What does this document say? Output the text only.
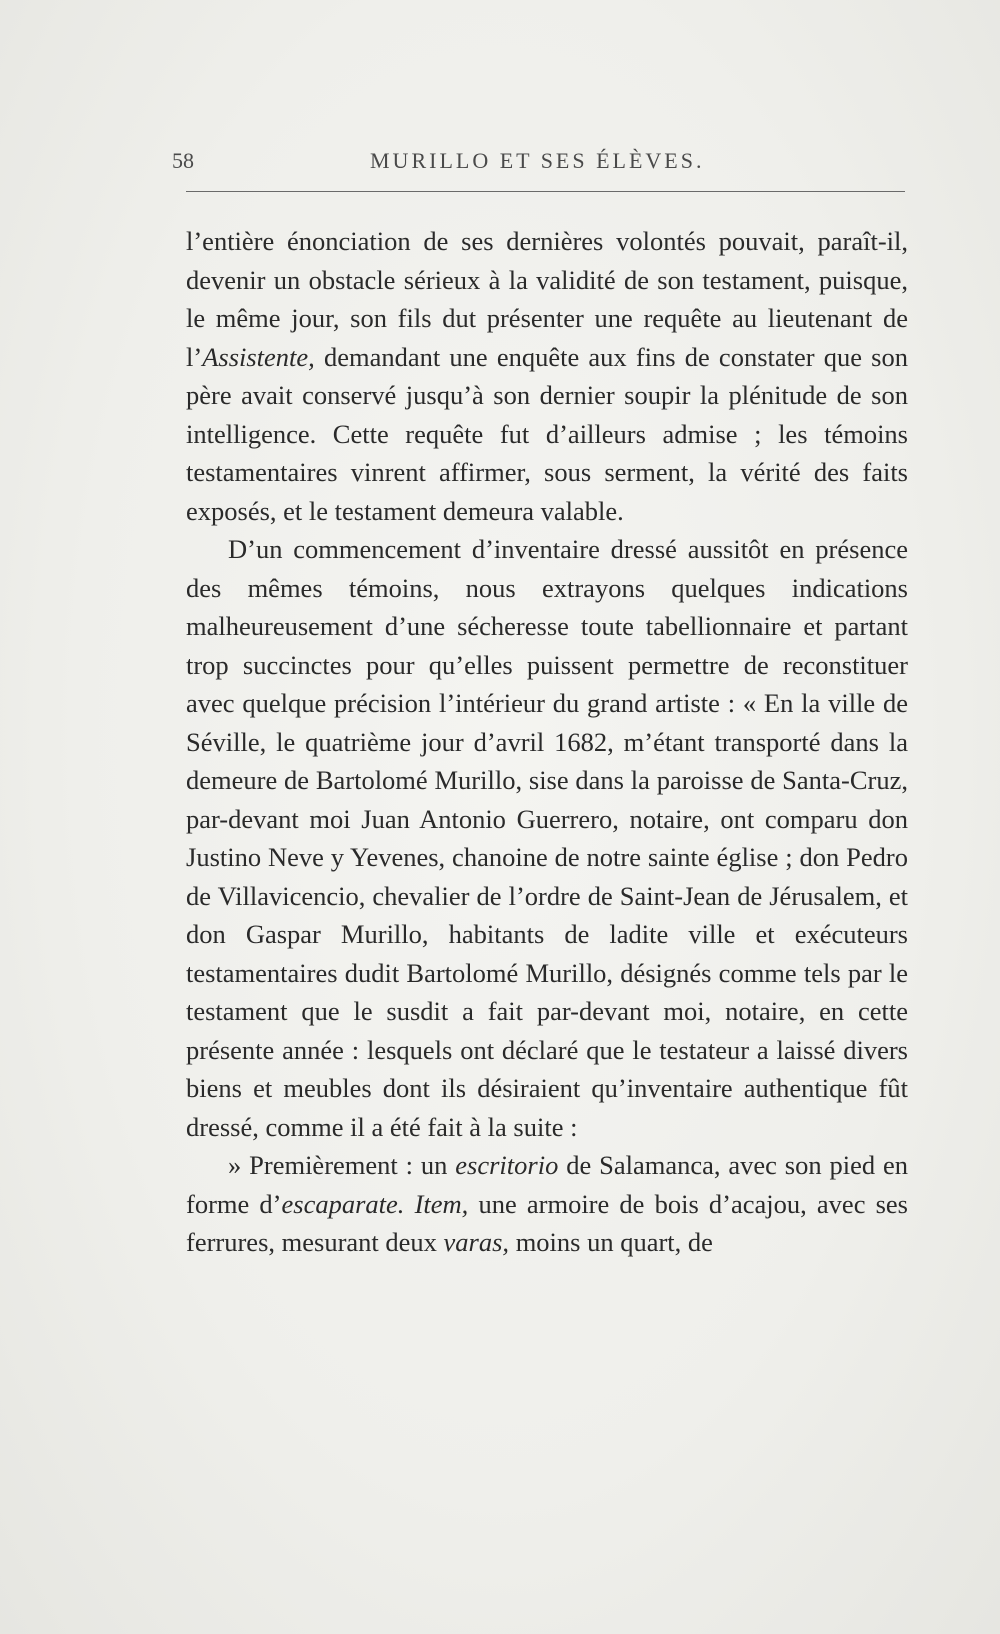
58	MURILLO ET SES ÉLÈVES.

l’entière énonciation de ses dernières volontés pouvait, paraît-il, devenir un obstacle sérieux à la validité de son testament, puisque, le même jour, son fils dut présenter une requête au lieutenant de l’Assistente, demandant une enquête aux fins de constater que son père avait conservé jusqu’à son dernier soupir la plénitude de son intelligence. Cette requête fut d’ailleurs admise ; les témoins testamentaires vinrent affirmer, sous serment, la vérité des faits exposés, et le testament demeura valable.

D’un commencement d’inventaire dressé aussitôt en présence des mêmes témoins, nous extrayons quelques indications malheureusement d’une sécheresse toute tabellionnaire et partant trop succinctes pour qu’elles puissent permettre de reconstituer avec quelque précision l’intérieur du grand artiste : « En la ville de Séville, le quatrième jour d’avril 1682, m’étant transporté dans la demeure de Bartolomé Murillo, sise dans la paroisse de Santa-Cruz, par-devant moi Juan Antonio Guerrero, notaire, ont comparu don Justino Neve y Yevenes, chanoine de notre sainte église ; don Pedro de Villavicencio, chevalier de l’ordre de Saint-Jean de Jérusalem, et don Gaspar Murillo, habitants de ladite ville et exécuteurs testamentaires dudit Bartolomé Murillo, désignés comme tels par le testament que le susdit a fait par-devant moi, notaire, en cette présente année : lesquels ont déclaré que le testateur a laissé divers biens et meubles dont ils désiraient qu’inventaire authentique fût dressé, comme il a été fait à la suite :

» Premièrement : un escritorio de Salamanca, avec son pied en forme d’escaparate. Item, une armoire de bois d’acajou, avec ses ferrures, mesurant deux varas, moins un quart, de
